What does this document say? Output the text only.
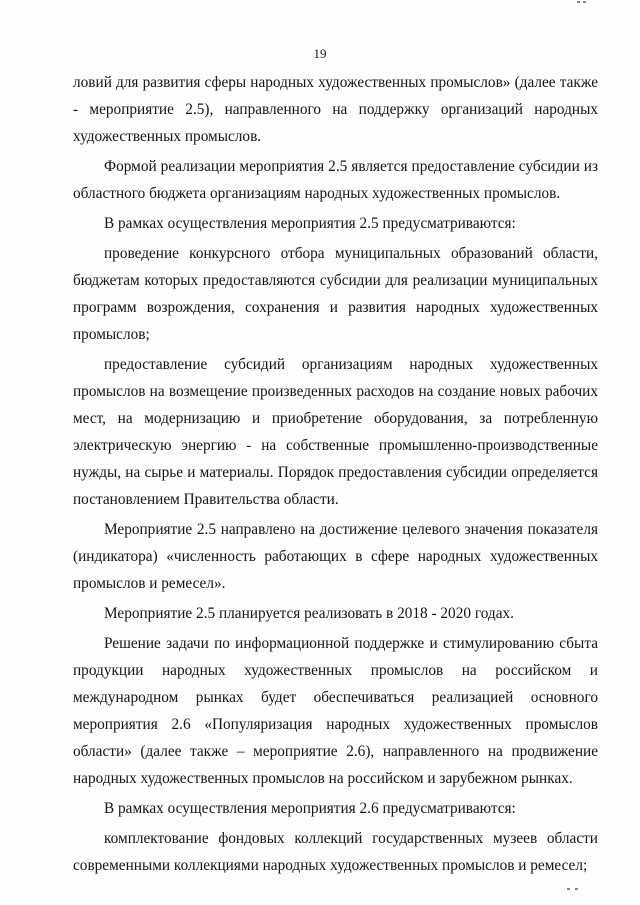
19

ловий для развития сферы народных художественных промыслов» (далее также - мероприятие 2.5), направленного на поддержку организаций народных художественных промыслов.

Формой реализации мероприятия 2.5 является предоставление субсидии из областного бюджета организациям народных художественных промыслов.

В рамках осуществления мероприятия 2.5 предусматриваются:

проведение конкурсного отбора муниципальных образований области, бюджетам которых предоставляются субсидии для реализации муниципальных программ возрождения, сохранения и развития народных художественных промыслов;

предоставление субсидий организациям народных художественных промыслов на возмещение произведенных расходов на создание новых рабочих мест, на модернизацию и приобретение оборудования, за потребленную электрическую энергию - на собственные промышленно-производственные нужды, на сырье и материалы. Порядок предоставления субсидии определяется постановлением Правительства области.

Мероприятие 2.5 направлено на достижение целевого значения показателя (индикатора) «численность работающих в сфере народных художественных промыслов и ремесел».

Мероприятие 2.5 планируется реализовать в 2018 - 2020 годах.

Решение задачи по информационной поддержке и стимулированию сбыта продукции народных художественных промыслов на российском и международном рынках будет обеспечиваться реализацией основного мероприятия 2.6 «Популяризация народных художественных промыслов области» (далее также – мероприятие 2.6), направленного на продвижение народных художественных промыслов на российском и зарубежном рынках.

В рамках осуществления мероприятия 2.6 предусматриваются:

комплектование фондовых коллекций государственных музеев области современными коллекциями народных художественных промыслов и ремесел;
